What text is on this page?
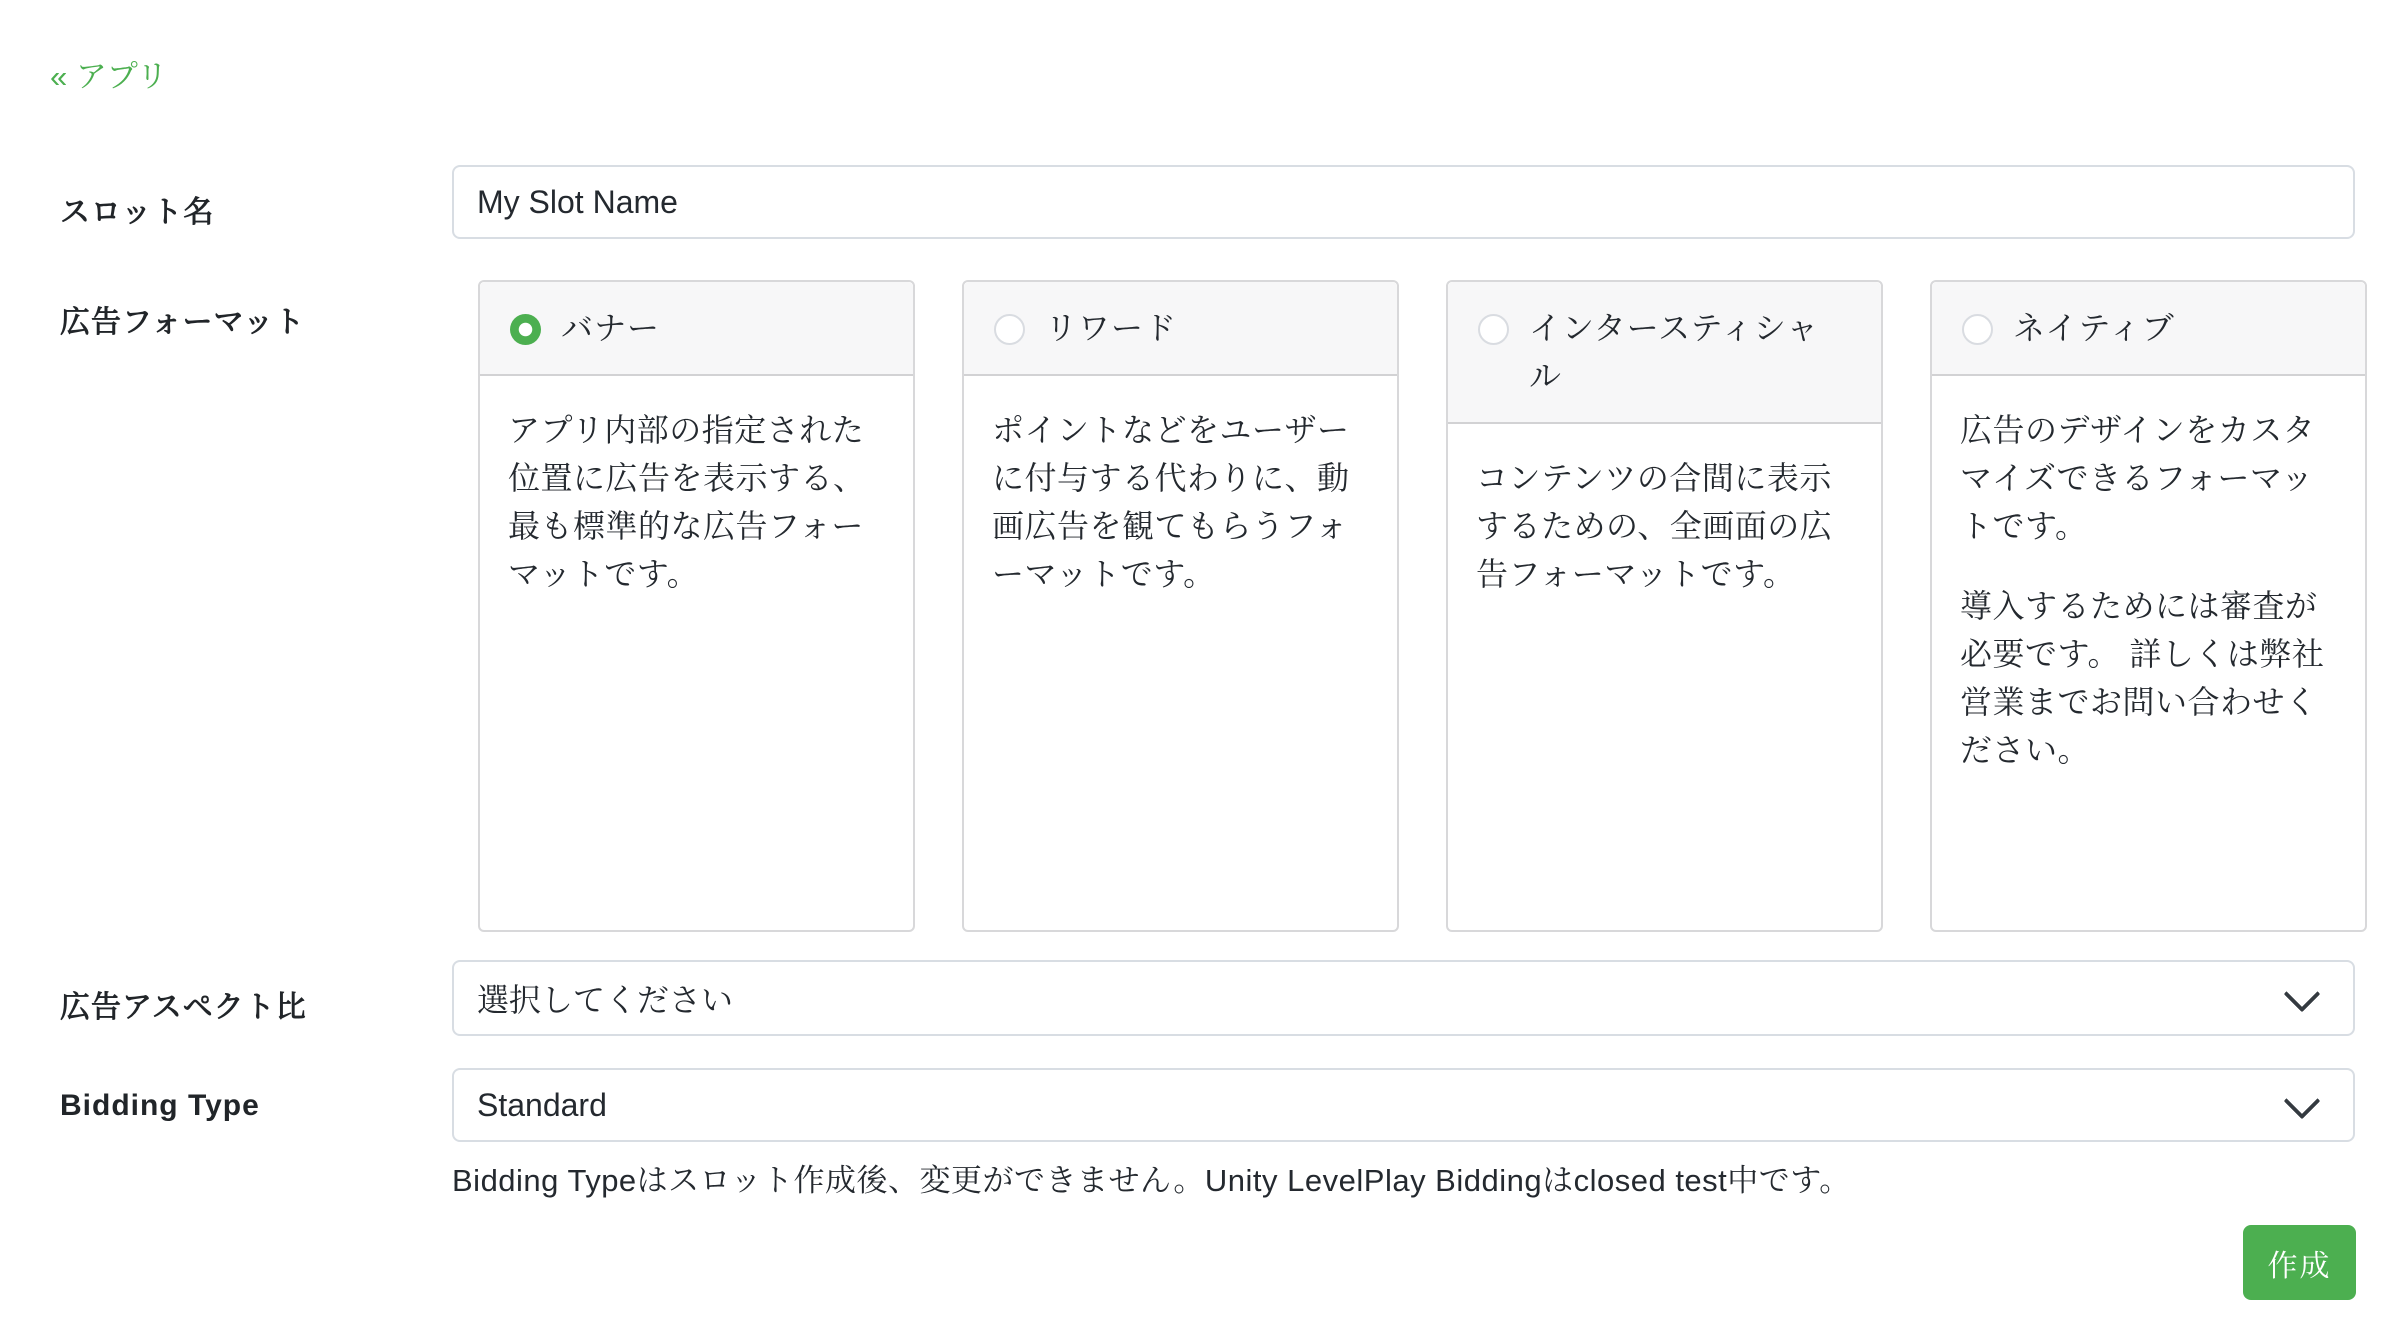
« アプリ
スロット名
My Slot Name
広告フォーマット	バナー

アプリ内部の指定された位置に広告を表示する、最も標準的な広告フォーマットです。

リワード

ポイントなどをユーザーに付与する代わりに、動画広告を観てもらうフォーマットです。

インタースティシャル

コンテンツの合間に表示するための、全画面の広告フォーマットです。

ネイティブ

広告のデザインをカスタマイズできるフォーマットです。

導入するためには審査が必要です。 詳しくは弊社営業までお問い合わせください。

広告アスペクト比	選択してください
Bidding Type	Standard
Bidding Typeはスロット作成後、変更ができません。Unity LevelPlay Biddingはclosed test中です。
作成
